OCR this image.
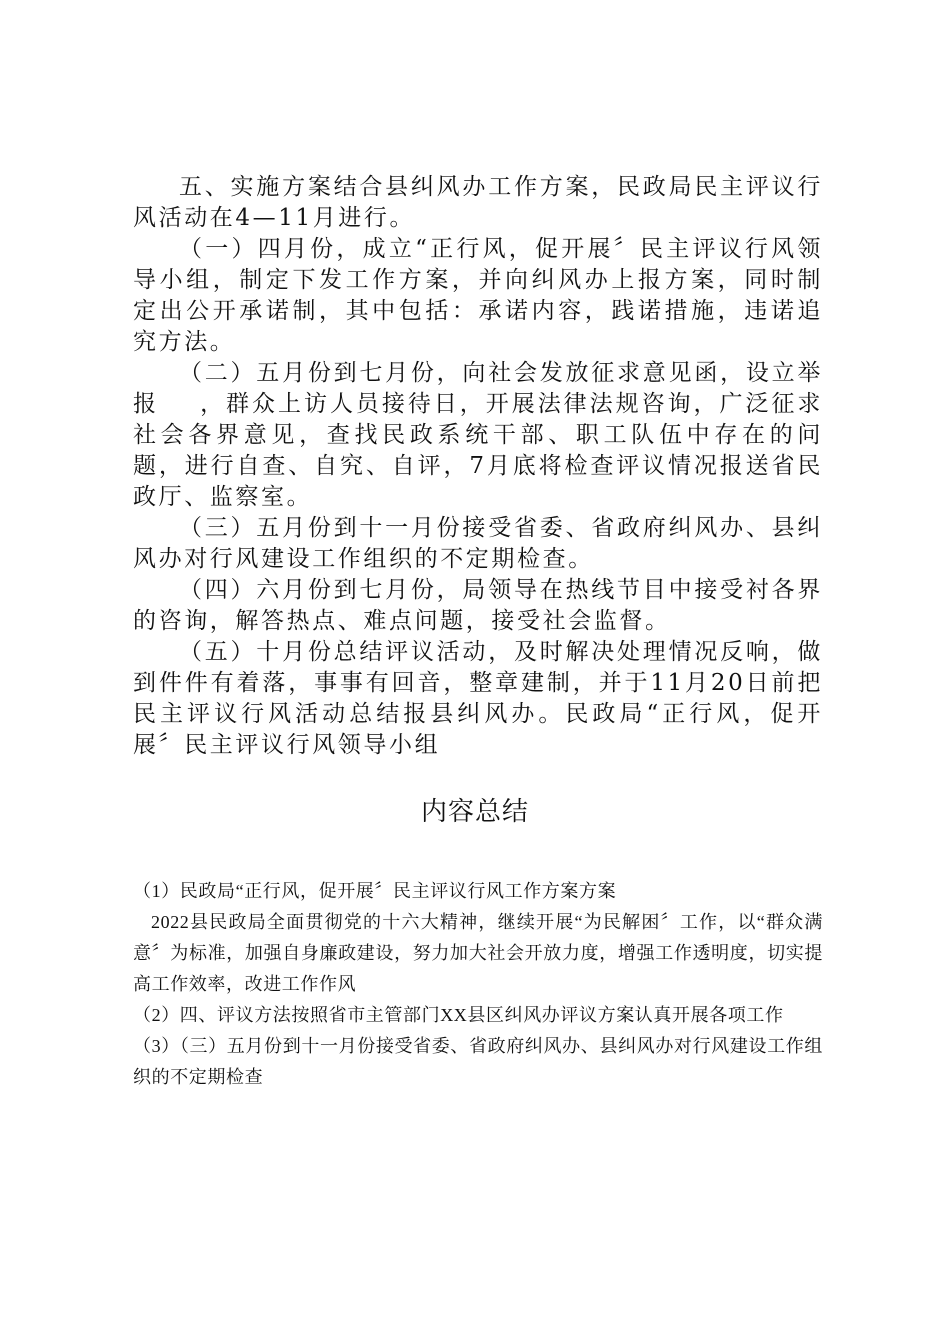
五、实施方案结合县纠风办工作方案，民政局民主评议行风活动在4—11月进行。

（一）四月份，成立“正行风，促开展〞民主评议行风领导小组，制定下发工作方案，并向纠风办上报方案，同时制定出公开承诺制，其中包括：承诺内容，践诺措施，违诺追究方法。

（二）五月份到七月份，向社会发放征求意见函，设立举报    ，群众上访人员接待日，开展法律法规咨询，广泛征求社会各界意见，查找民政系统干部、职工队伍中存在的问题，进行自查、自究、自评，7月底将检查评议情况报送省民政厅、监察室。

（三）五月份到十一月份接受省委、省政府纠风办、县纠风办对行风建设工作组织的不定期检查。

（四）六月份到七月份，局领导在热线节目中接受衬各界的咨询，解答热点、难点问题，接受社会监督。

（五）十月份总结评议活动，及时解决处理情况反响，做到件件有着落，事事有回音，整章建制，并于11月20日前把民主评议行风活动总结报县纠风办。民政局“正行风，促开展〞民主评议行风领导小组

内容总结

（1）民政局“正行风，促开展〞民主评议行风工作方案方案

2022县民政局全面贯彻党的十六大精神，继续开展“为民解困〞工作，以“群众满意〞为标准，加强自身廉政建设，努力加大社会开放力度，增强工作透明度，切实提高工作效率，改进工作作风

（2）四、评议方法按照省市主管部门XX县区纠风办评议方案认真开展各项工作

（3）（三）五月份到十一月份接受省委、省政府纠风办、县纠风办对行风建设工作组织的不定期检查
